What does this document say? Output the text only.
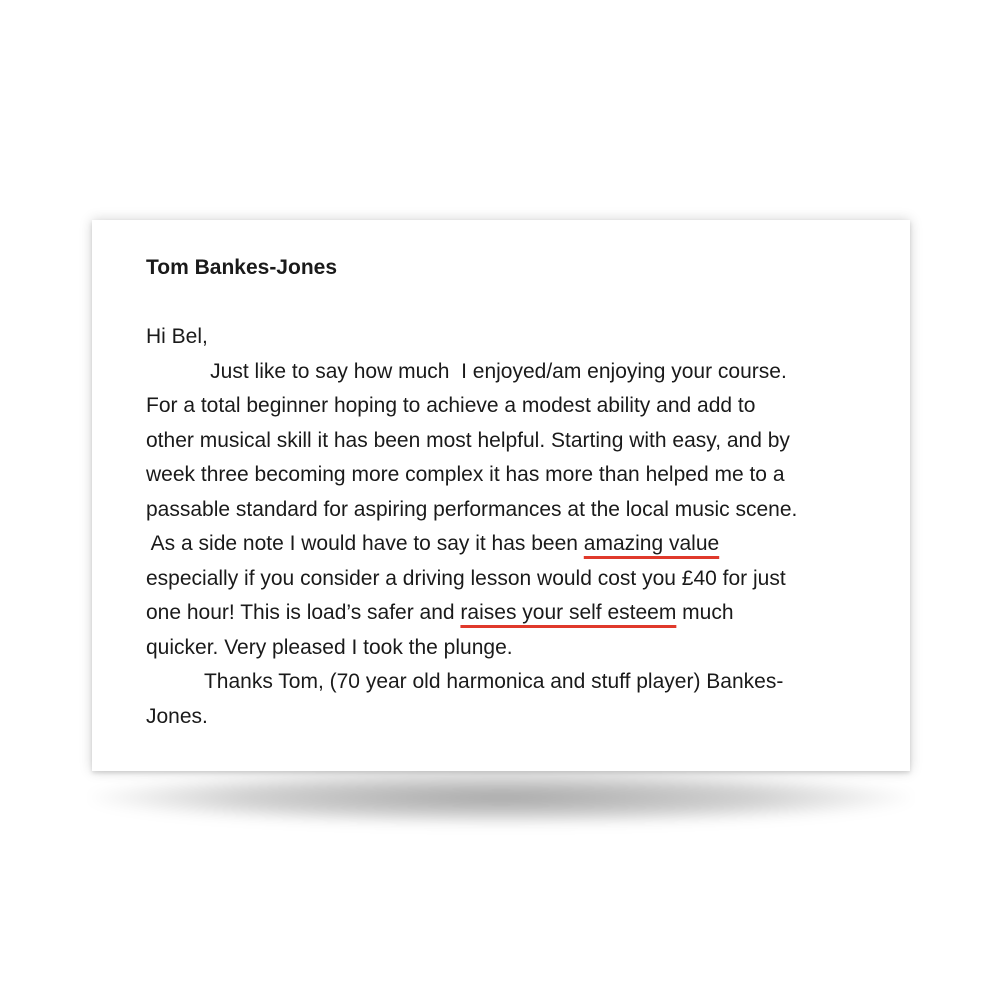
Tom Bankes-Jones
Hi Bel,
Just like to say how much  I enjoyed/am enjoying your course.
For a total beginner hoping to achieve a modest ability and add to
other musical skill it has been most helpful. Starting with easy, and by
week three becoming more complex it has more than helped me to a
passable standard for aspiring performances at the local music scene.
As a side note I would have to say it has been amazing value
especially if you consider a driving lesson would cost you £40 for just
one hour! This is load’s safer and raises your self esteem much
quicker. Very pleased I took the plunge.
Thanks Tom, (70 year old harmonica and stuff player) Bankes-
Jones.
